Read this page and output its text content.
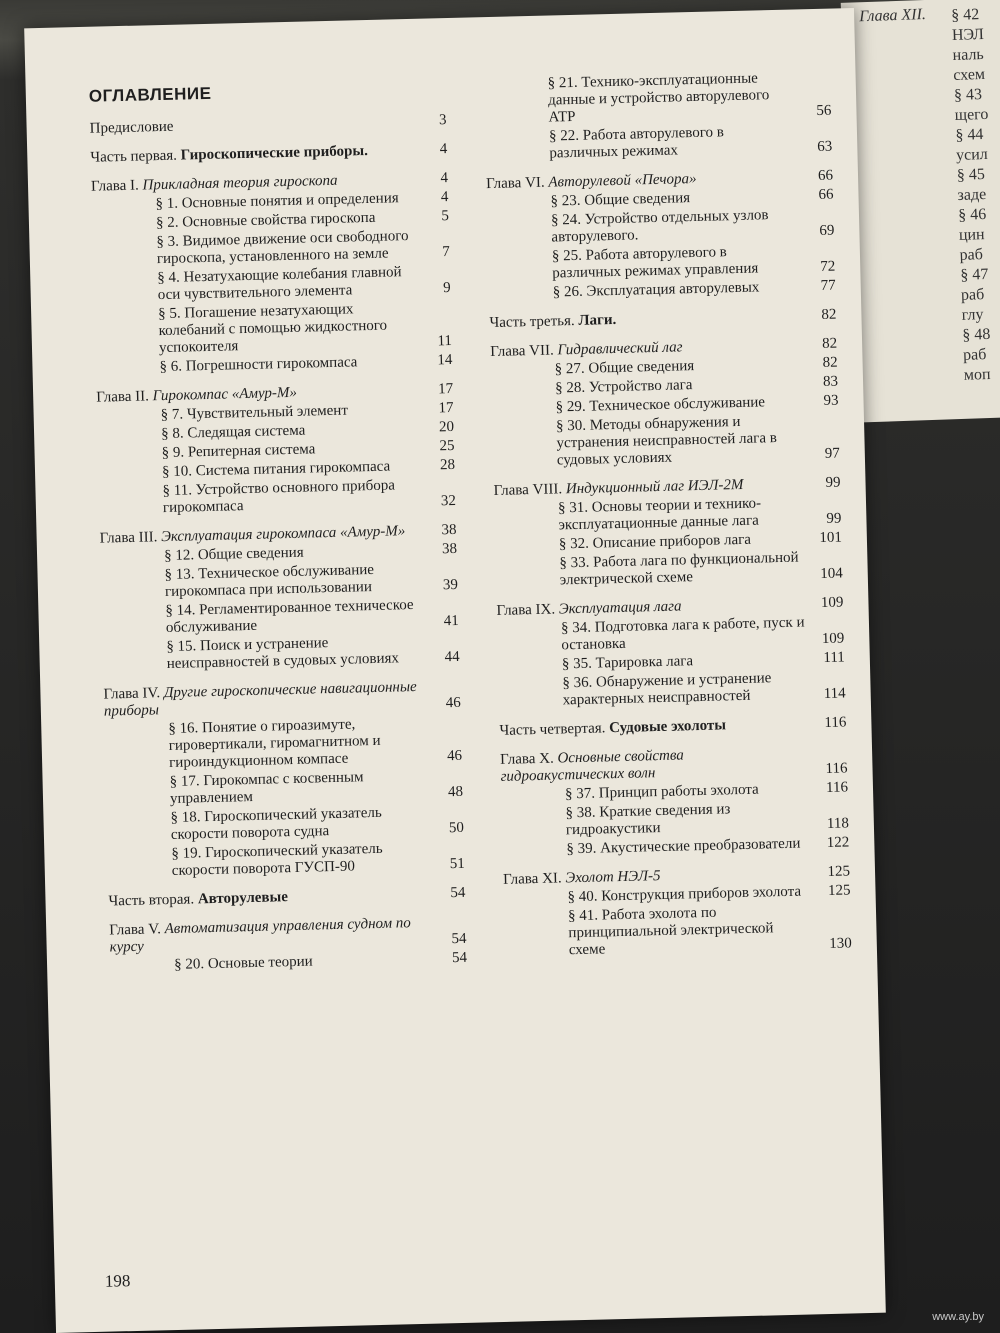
Глава ХII. § 42
НЭЛ
наль
схем
§ 43
щего
§ 44
усил
§ 45
заде
§ 46
цин
раб
§ 47
раб
глу
§ 48
раб
моп
ОГЛАВЛЕНИЕ
Предисловие	3
Часть первая. Гироскопические приборы.	4
Глава I. Прикладная теория гироскопа	4
§ 1. Основные понятия и определения	4
§ 2. Основные свойства гироскопа	5
§ 3. Видимое движение оси свободного гироскопа, установленного на земле	7
§ 4. Незатухающие колебания главной оси чувствительного элемента	9
§ 5. Погашение незатухающих колебаний с помощью жидкостного успокоителя	11
§ 6. Погрешности гирокомпаса	14
Глава II. Гирокомпас «Амур-М»	17
§ 7. Чувствительный элемент	17
§ 8. Следящая система	20
§ 9. Репитерная система	25
§ 10. Система питания гирокомпаса	28
§ 11. Устройство основного прибора гирокомпаса	32
Глава III. Эксплуатация гирокомпаса «Амур-М»	38
§ 12. Общие сведения	38
§ 13. Техническое обслуживание гирокомпаса при использовании	39
§ 14. Регламентированное техническое обслуживание	41
§ 15. Поиск и устранение неисправностей в судовых условиях	44
Глава IV. Другие гироскопические навигационные приборы	46
§ 16. Понятие о гироазимуте, гировертикали, гиромагнитном и гироиндукционном компасе	46
§ 17. Гирокомпас с косвенным управлением	48
§ 18. Гироскопический указатель скорости поворота судна	50
§ 19. Гироскопический указатель скорости поворота ГУСП-90	51
Часть вторая. Авторулевые	54
Глава V. Автоматизация управления судном по курсу	54
§ 20. Основые теории	54
§ 21. Технико-эксплуатационные данные и устройство авторулевого АТР	56
§ 22. Работа авторулевого в различных режимах	63
Глава VI. Авторулевой «Печора»	66
§ 23. Общие сведения	66
§ 24. Устройство отдельных узлов авторулевого.	69
§ 25. Работа авторулевого в различных режимах управления	72
§ 26. Эксплуатация авторулевых	77
Часть третья. Лаги.	82
Глава VII. Гидравлический лаг	82
§ 27. Общие сведения	82
§ 28. Устройство лага	83
§ 29. Техническое обслуживание	93
§ 30. Методы обнаружения и устранения неисправностей лага в судовых условиях	97
Глава VIII. Индукционный лаг ИЭЛ-2М	99
§ 31. Основы теории и технико-эксплуатационные данные лага	99
§ 32. Описание приборов лага	101
§ 33. Работа лага по функциональной электрической схеме	104
Глава IX. Эксплуатация лага	109
§ 34. Подготовка лага к работе, пуск и остановка	109
§ 35. Тарировка лага	111
§ 36. Обнаружение и устранение характерных неисправностей	114
Часть четвертая. Судовые эхолоты	116
Глава X. Основные свойства гидроакустических волн	116
§ 37. Принцип работы эхолота	116
§ 38. Краткие сведения из гидроакустики	118
§ 39. Акустические преобразователи	122
Глава XI. Эхолот НЭЛ-5	125
§ 40. Конструкция приборов эхолота	125
§ 41. Работа эхолота по принципиальной электрической схеме	130
198
www.ay.by
